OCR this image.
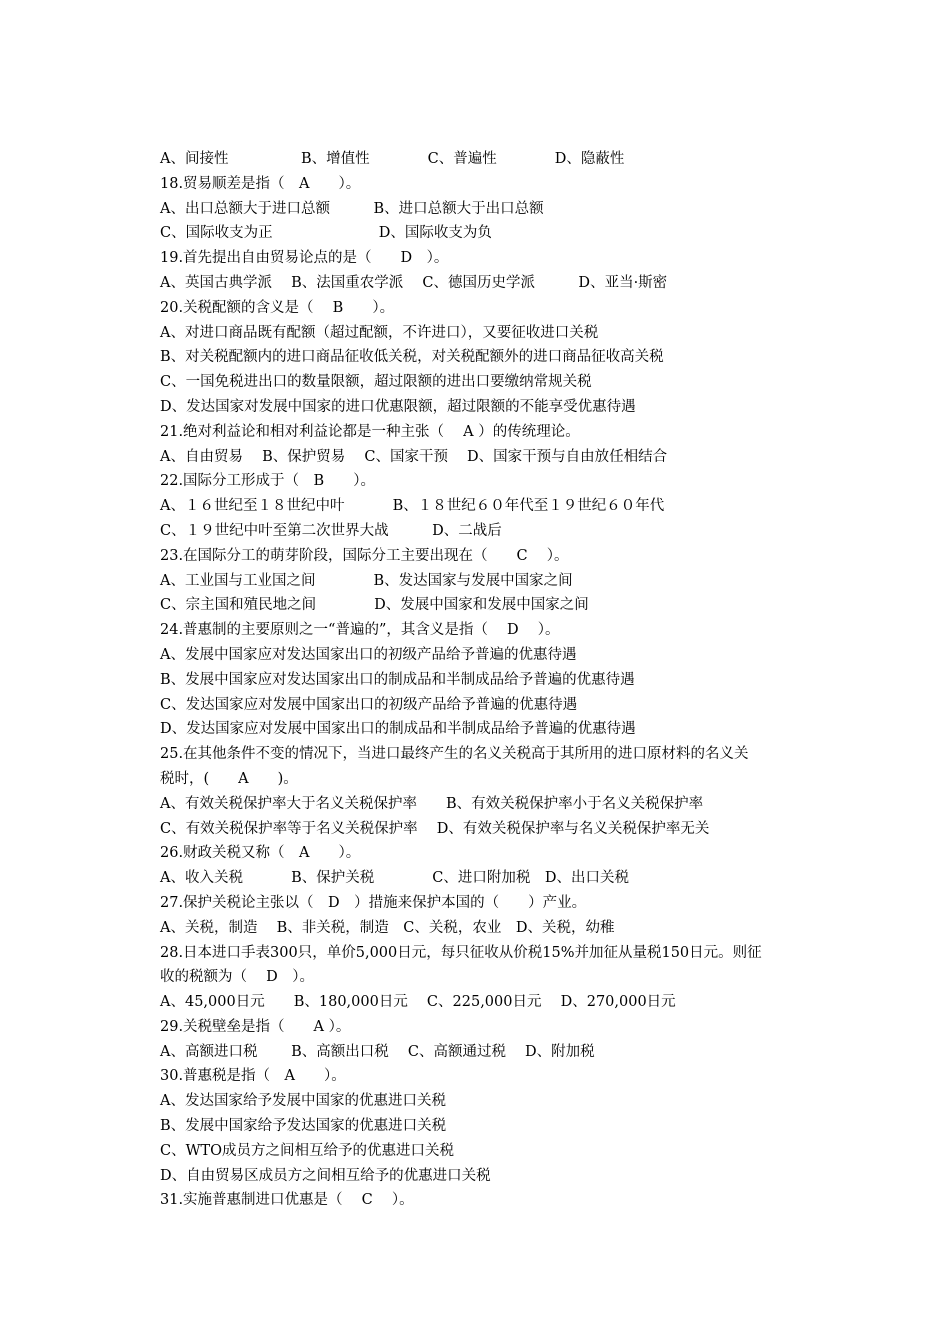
A、间接性　　　　　B、增值性　　　　C、普遍性　　　　D、隐蔽性
18.贸易顺差是指（　A　　）。
A、出口总额大于进口总额　　　B、进口总额大于出口总额
C、国际收支为正　　　　　　　 D、国际收支为负
19.首先提出自由贸易论点的是（　　D　）。
A、英国古典学派　 B、法国重农学派　 C、德国历史学派　　　D、亚当·斯密
20.关税配额的含义是（　 B　　）。
A、对进口商品既有配额（超过配额，不许进口），又要征收进口关税
B、对关税配额内的进口商品征收低关税，对关税配额外的进口商品征收高关税
C、一国免税进出口的数量限额，超过限额的进出口要缴纳常规关税
D、发达国家对发展中国家的进口优惠限额，超过限额的不能享受优惠待遇
21.绝对利益论和相对利益论都是一种主张（　 A ）的传统理论。
A、自由贸易　 B、保护贸易　 C、国家干预　 D、国家干预与自由放任相结合
22.国际分工形成于（　B　　）。
A、１６世纪至１８世纪中叶　　　 B、１８世纪６０年代至１９世纪６０年代
C、１９世纪中叶至第二次世界大战　　　D、二战后
23.在国际分工的萌芽阶段，国际分工主要出现在（　　C　 ）。
A、工业国与工业国之间　　　　B、发达国家与发展中国家之间
C、宗主国和殖民地之间　　　　D、发展中国家和发展中国家之间
24.普惠制的主要原则之一“普遍的”，其含义是指（　 D　 ）。
A、发展中国家应对发达国家出口的初级产品给予普遍的优惠待遇
B、发展中国家应对发达国家出口的制成品和半制成品给予普遍的优惠待遇
C、发达国家应对发展中国家出口的初级产品给予普遍的优惠待遇
D、发达国家应对发展中国家出口的制成品和半制成品给予普遍的优惠待遇
25.在其他条件不变的情况下，当进口最终产生的名义关税高于其所用的进口原材料的名义关
税时，(　　A　　)。
A、有效关税保护率大于名义关税保护率　　B、有效关税保护率小于名义关税保护率
C、有效关税保护率等于名义关税保护率　 D、有效关税保护率与名义关税保护率无关
26.财政关税又称（　A　　）。
A、收入关税　　　 B、保护关税　　　　C、进口附加税　D、出口关税
27.保护关税论主张以（　D　）措施来保护本国的（　　）产业。
A、关税，制造　 B、非关税，制造　C、关税，农业　D、关税，幼稚
28.日本进口手表300只，单价5,000日元，每只征收从价税15%并加征从量税150日元。则征
收的税额为（　 D　）。
A、45,000日元　　B、180,000日元　 C、225,000日元　 D、270,000日元
29.关税壁垒是指（　　A ）。
A、高额进口税　　 B、高额出口税　 C、高额通过税　 D、附加税
30.普惠税是指（　A　　）。
A、发达国家给予发展中国家的优惠进口关税
B、发展中国家给予发达国家的优惠进口关税
C、WTO成员方之间相互给予的优惠进口关税
D、自由贸易区成员方之间相互给予的优惠进口关税
31.实施普惠制进口优惠是（　 C　 ）。
